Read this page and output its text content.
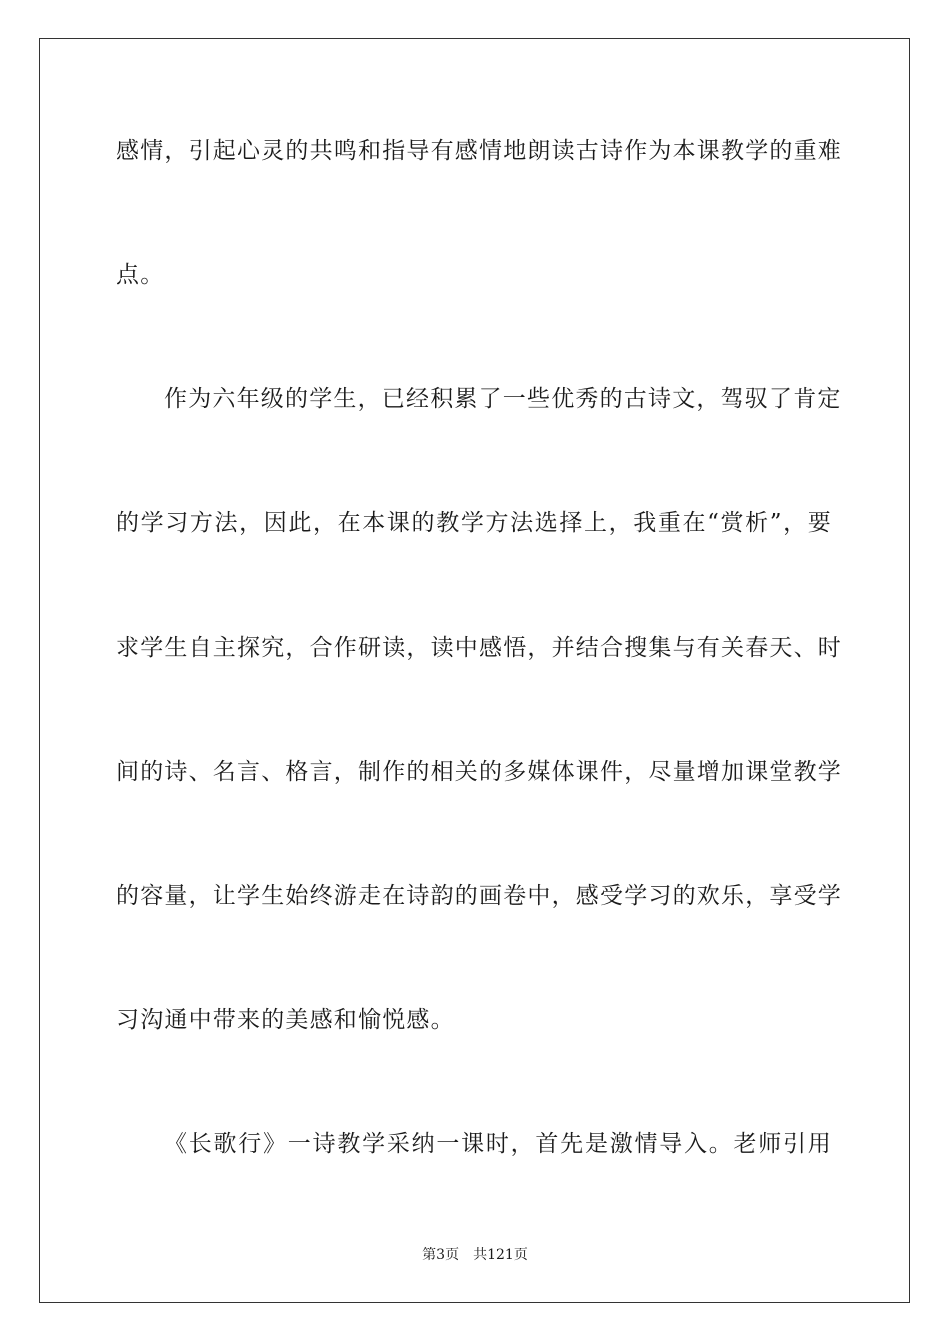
感情，引起心灵的共鸣和指导有感情地朗读古诗作为本课教学的重难
点。
作为六年级的学生，已经积累了一些优秀的古诗文，驾驭了肯定
的学习方法，因此，在本课的教学方法选择上，我重在“赏析”，要
求学生自主探究，合作研读，读中感悟，并结合搜集与有关春天、时
间的诗、名言、格言，制作的相关的多媒体课件，尽量增加课堂教学
的容量，让学生始终游走在诗韵的画卷中，感受学习的欢乐，享受学
习沟通中带来的美感和愉悦感。
《长歌行》一诗教学采纳一课时，首先是激情导入。老师引用
第3页 共121页
